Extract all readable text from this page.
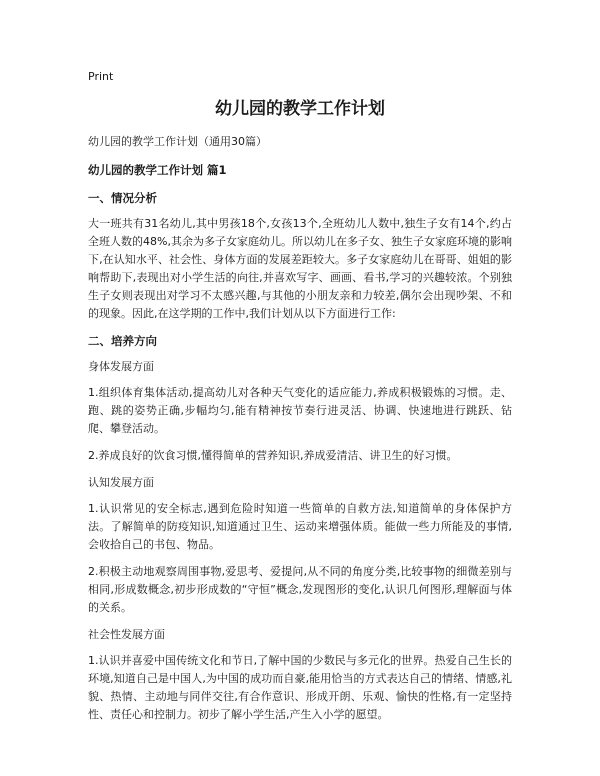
Print
幼儿园的教学工作计划
幼儿园的教学工作计划（通用30篇）
幼儿园的教学工作计划 篇1
一、情况分析

大一班共有31名幼儿,其中男孩18个,女孩13个,全班幼儿人数中,独生子女有14个,约占全班人数的48%,其余为多子女家庭幼儿。所以幼儿在多子女、独生子女家庭环境的影响下,在认知水平、社会性、身体方面的发展差距较大。多子女家庭幼儿在哥哥、姐姐的影响帮助下,表现出对小学生活的向往,并喜欢写字、画画、看书,学习的兴趣较浓。个别独生子女则表现出对学习不太感兴趣,与其他的小朋友亲和力较差,偶尔会出现吵架、不和的现象。因此,在这学期的工作中,我们计划从以下方面进行工作:

二、培养方向
身体发展方面

1.组织体育集体活动,提高幼儿对各种天气变化的适应能力,养成积极锻炼的习惯。走、跑、跳的姿势正确,步幅均匀,能有精神按节奏行进灵活、协调、快速地进行跳跃、钻爬、攀登活动。

2.养成良好的饮食习惯,懂得简单的营养知识,养成爱清洁、讲卫生的好习惯。

认知发展方面

1.认识常见的安全标志,遇到危险时知道一些简单的自救方法,知道简单的身体保护方法。了解简单的防疫知识,知道通过卫生、运动来增强体质。能做一些力所能及的事情,会收拾自己的书包、物品。

2.积极主动地观察周围事物,爱思考、爱提问,从不同的角度分类,比较事物的细微差别与相同,形成数概念,初步形成数的“守恒”概念,发现图形的变化,认识几何图形,理解面与体的关系。

社会性发展方面

1.认识并喜爱中国传统文化和节日,了解中国的少数民与多元化的世界。热爱自己生长的环境,知道自己是中国人,为中国的成功而自豪,能用恰当的方式表达自己的情绪、情感,礼貌、热情、主动地与同伴交往,有合作意识、形成开朗、乐观、愉快的性格,有一定坚持性、责任心和控制力。初步了解小学生活,产生入小学的愿望。
